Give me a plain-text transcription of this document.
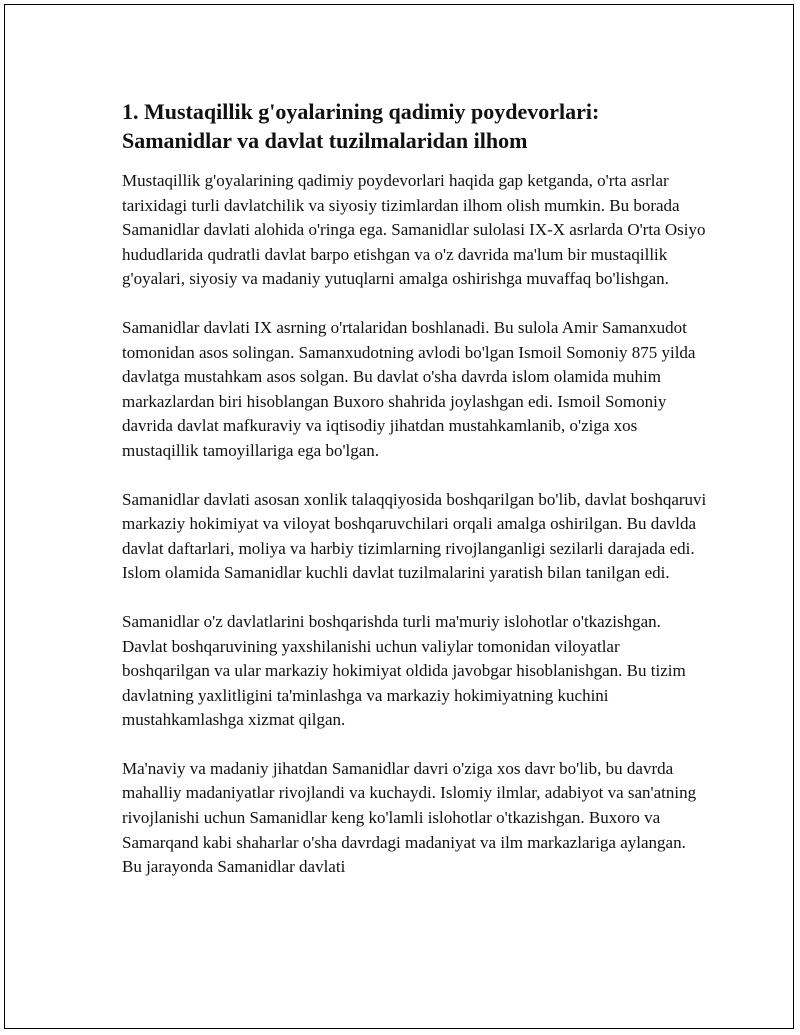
1. Mustaqillik g'oyalarining qadimiy poydevorlari: Samanidlar va davlat tuzilmalaridan ilhom

Mustaqillik g'oyalarining qadimiy poydevorlari haqida gap ketganda, o'rta asrlar tarixidagi turli davlatchilik va siyosiy tizimlardan ilhom olish mumkin. Bu borada Samanidlar davlati alohida o'ringa ega. Samanidlar sulolasi IX-X asrlarda O'rta Osiyo hududlarida qudratli davlat barpo etishgan va o'z davrida ma'lum bir mustaqillik g'oyalari, siyosiy va madaniy yutuqlarni amalga oshirishga muvaffaq bo'lishgan.

Samanidlar davlati IX asrning o'rtalaridan boshlanadi. Bu sulola Amir Samanxudot tomonidan asos solingan. Samanxudotning avlodi bo'lgan Ismoil Somoniy 875 yilda davlatga mustahkam asos solgan. Bu davlat o'sha davrda islom olamida muhim markazlardan biri hisoblangan Buxoro shahrida joylashgan edi. Ismoil Somoniy davrida davlat mafkuraviy va iqtisodiy jihatdan mustahkamlanib, o'ziga xos mustaqillik tamoyillariga ega bo'lgan.

Samanidlar davlati asosan xonlik talaqqiyosida boshqarilgan bo'lib, davlat boshqaruvi markaziy hokimiyat va viloyat boshqaruvchilari orqali amalga oshirilgan. Bu davlda davlat daftarlari, moliya va harbiy tizimlarning rivojlanganligi sezilarli darajada edi. Islom olamida Samanidlar kuchli davlat tuzilmalarini yaratish bilan tanilgan edi.

Samanidlar o'z davlatlarini boshqarishda turli ma'muriy islohotlar o'tkazishgan. Davlat boshqaruvining yaxshilanishi uchun valiylar tomonidan viloyatlar boshqarilgan va ular markaziy hokimiyat oldida javobgar hisoblanishgan. Bu tizim davlatning yaxlitligini ta'minlashga va markaziy hokimiyatning kuchini mustahkamlashga xizmat qilgan.

Ma'naviy va madaniy jihatdan Samanidlar davri o'ziga xos davr bo'lib, bu davrda mahalliy madaniyatlar rivojlandi va kuchaydi. Islomiy ilmlar, adabiyot va san'atning rivojlanishi uchun Samanidlar keng ko'lamli islohotlar o'tkazishgan. Buxoro va Samarqand kabi shaharlar o'sha davrdagi madaniyat va ilm markazlariga aylangan. Bu jarayonda Samanidlar davlati
